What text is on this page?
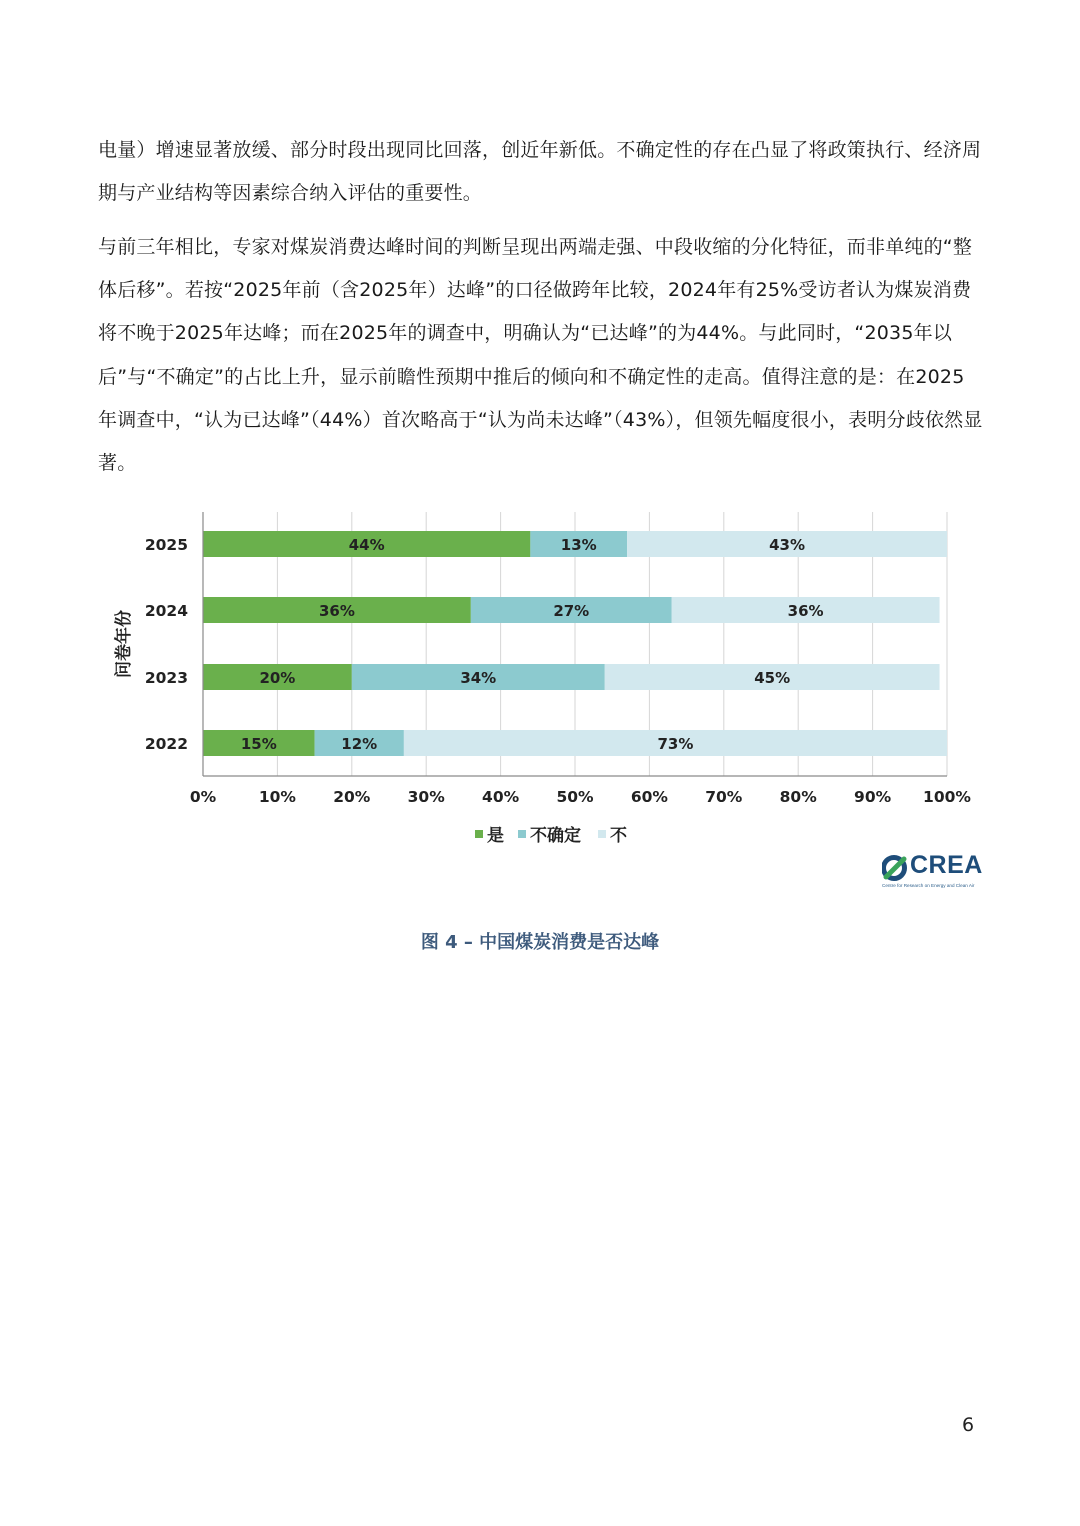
电量）增速显著放缓、部分时段出现同比回落，创近年新低。不确定性的存在凸显了将政策执行、经济周期与产业结构等因素综合纳入评估的重要性。

与前三年相比，专家对煤炭消费达峰时间的判断呈现出两端走强、中段收缩的分化特征，而非单纯的“整体后移”。若按“2025年前（含2025年）达峰”的口径做跨年比较，2024年有25%受访者认为煤炭消费将不晚于2025年达峰；而在2025年的调查中，明确认为“已达峰”的为44%。与此同时，“2035年以后”与“不确定”的占比上升，显示前瞻性预期中推后的倾向和不确定性的走高。值得注意的是：在2025年调查中，“认为已达峰”（44%）首次略高于“认为尚未达峰”（43%），但领先幅度很小，表明分歧依然显著。

44%	13%	43%
2025
36%	27%	36%
2024
20%	34%	45%
2023
15%	12%	73%
2022
0%	10% 20% 30% 40% 50% 60% 70% 80% 90% 100%
问卷年份
是 不确定 不
CREA
Centre for Research on Energy and Clean Air
图 4 – 中国煤炭消费是否达峰
6
